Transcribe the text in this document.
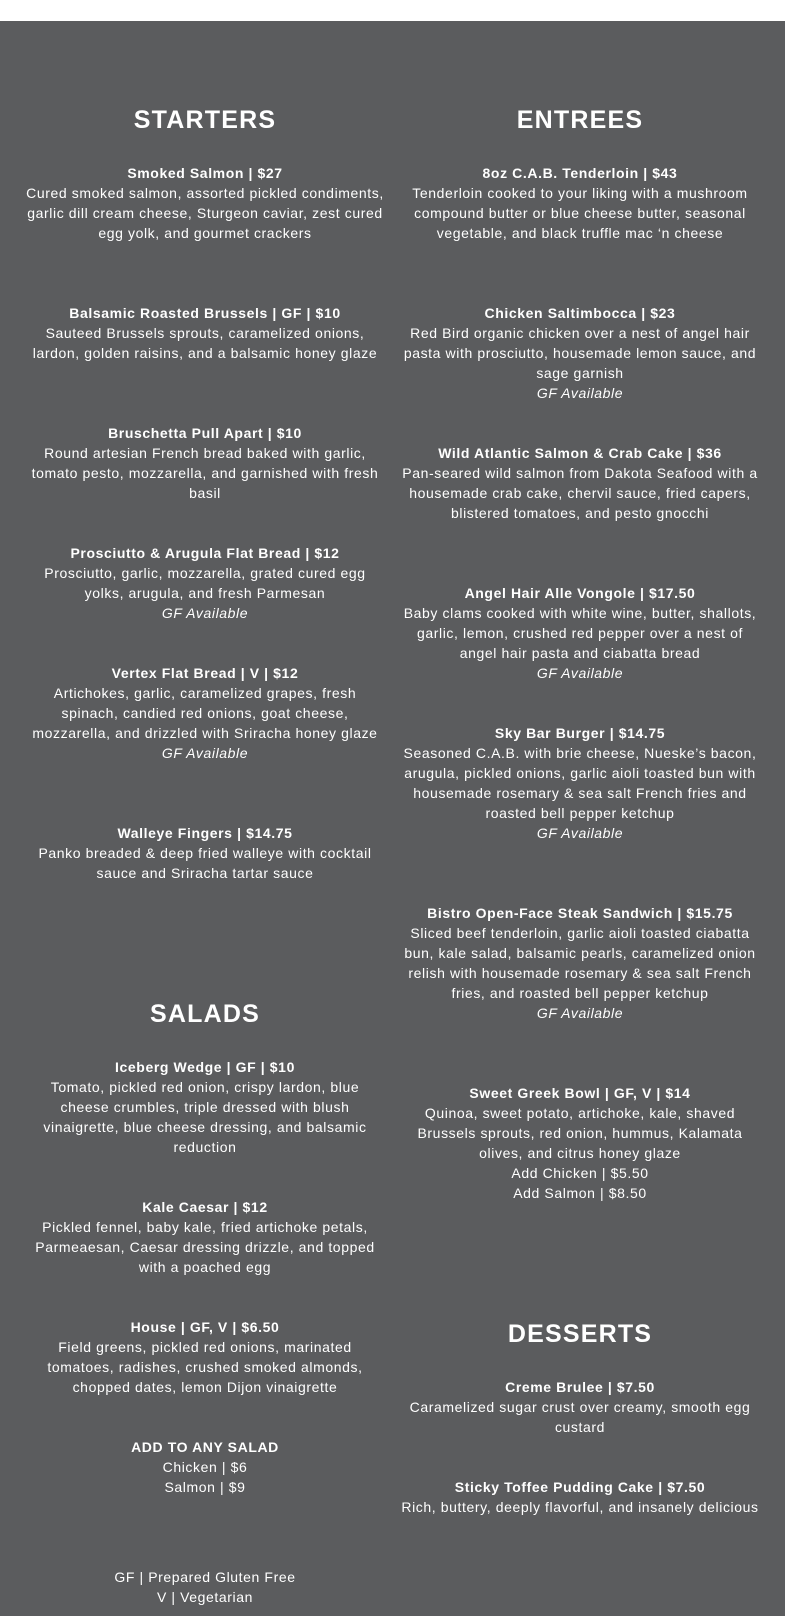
STARTERS
Smoked Salmon | $27
Cured smoked salmon, assorted pickled condiments, garlic dill cream cheese, Sturgeon caviar, zest cured egg yolk, and gourmet crackers
Balsamic Roasted Brussels | GF | $10
Sauteed Brussels sprouts, caramelized onions, lardon, golden raisins, and a balsamic honey glaze
Bruschetta Pull Apart | $10
Round artesian French bread baked with garlic, tomato pesto, mozzarella, and garnished with fresh basil
Prosciutto & Arugula Flat Bread | $12
Prosciutto, garlic, mozzarella, grated cured egg yolks, arugula, and fresh Parmesan
GF Available
Vertex Flat Bread | V | $12
Artichokes, garlic, caramelized grapes, fresh spinach, candied red onions, goat cheese, mozzarella, and drizzled with Sriracha honey glaze
GF Available
Walleye Fingers | $14.75
Panko breaded & deep fried walleye with cocktail sauce and Sriracha tartar sauce
SALADS
Iceberg Wedge | GF | $10
Tomato, pickled red onion, crispy lardon, blue cheese crumbles, triple dressed with blush vinaigrette, blue cheese dressing, and balsamic reduction
Kale Caesar | $12
Pickled fennel, baby kale, fried artichoke petals, Parmeaesan, Caesar dressing drizzle, and topped with a poached egg
House | GF, V | $6.50
Field greens, pickled red onions, marinated tomatoes, radishes, crushed smoked almonds, chopped dates, lemon Dijon vinaigrette
ADD TO ANY SALAD
Chicken | $6
Salmon | $9
GF | Prepared Gluten Free
V | Vegetarian
ENTREES
8oz C.A.B. Tenderloin | $43
Tenderloin cooked to your liking with a mushroom compound butter or blue cheese butter, seasonal vegetable, and black truffle mac ‘n cheese
Chicken Saltimbocca | $23
Red Bird organic chicken over a nest of angel hair pasta with prosciutto, housemade lemon sauce, and sage garnish
GF Available
Wild Atlantic Salmon & Crab Cake | $36
Pan-seared wild salmon from Dakota Seafood with a housemade crab cake, chervil sauce, fried capers, blistered tomatoes, and pesto gnocchi
Angel Hair Alle Vongole | $17.50
Baby clams cooked with white wine, butter, shallots, garlic, lemon, crushed red pepper over a nest of angel hair pasta and ciabatta bread
GF Available
Sky Bar Burger | $14.75
Seasoned C.A.B. with brie cheese, Nueske’s bacon, arugula, pickled onions, garlic aioli toasted bun with housemade rosemary & sea salt French fries and roasted bell pepper ketchup
GF Available
Bistro Open-Face Steak Sandwich | $15.75
Sliced beef tenderloin, garlic aioli toasted ciabatta bun, kale salad, balsamic pearls, caramelized onion relish with housemade rosemary & sea salt French fries, and roasted bell pepper ketchup
GF Available
Sweet Greek Bowl | GF, V | $14
Quinoa, sweet potato, artichoke, kale, shaved Brussels sprouts, red onion, hummus, Kalamata olives, and citrus honey glaze
Add Chicken | $5.50
Add Salmon | $8.50
DESSERTS
Creme Brulee | $7.50
Caramelized sugar crust over creamy, smooth egg custard
Sticky Toffee Pudding Cake | $7.50
Rich, buttery, deeply flavorful, and insanely delicious
